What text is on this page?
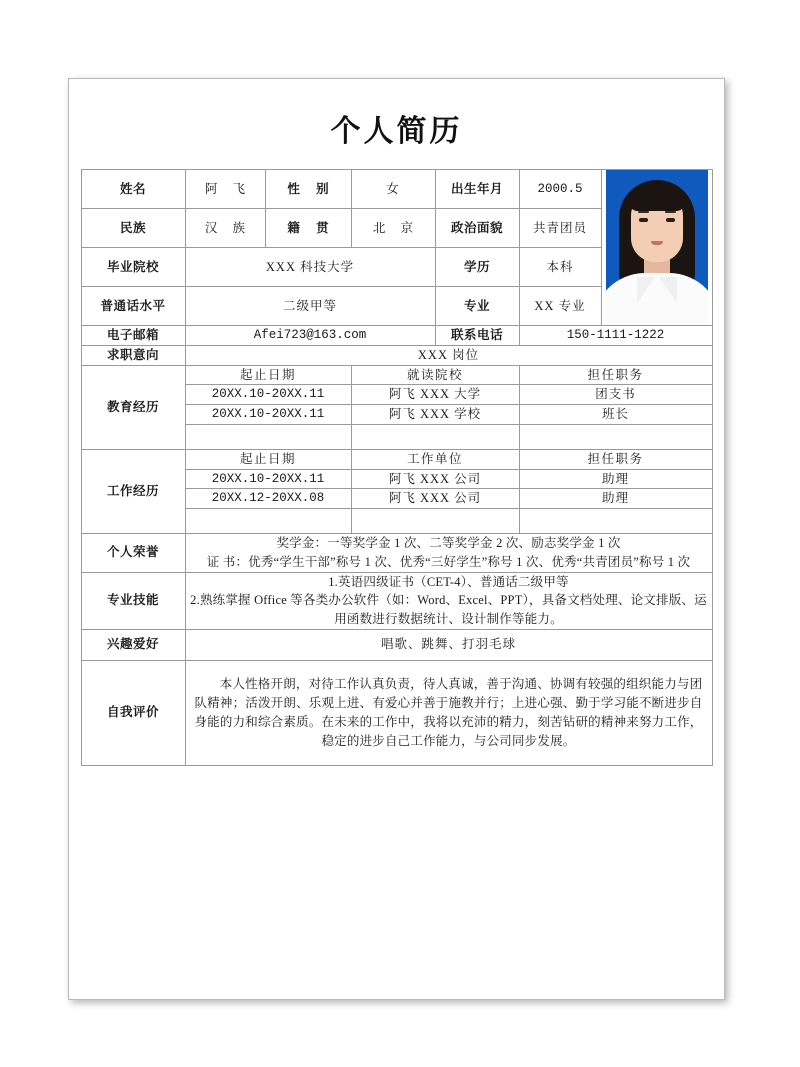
个人简历
姓名	阿 飞	性 别	女	出生年月	2000.5	

民族	汉 族	籍 贯	北 京	政治面貌	共青团员	
毕业院校	XXX 科技大学			学历	本科	
普通话水平	二级甲等			专业	XX 专业	
电子邮箱	Afei723@163.com			联系电话	150-1111-1222	
求职意向	XXX 岗位					
教育经历	起止日期		就读院校		担任职务	
	20XX.10-20XX.11		阿飞 XXX 大学		团支书	
	20XX.10-20XX.11		阿飞 XXX 学校		班长	

工作经历	起止日期		工作单位		担任职务	
	20XX.10-20XX.11		阿飞 XXX 公司		助理	
	20XX.12-20XX.08		阿飞 XXX 公司		助理	

个人荣誉	奖学金：一等奖学金 1 次、二等奖学金 2 次、励志奖学金 1 次

证 书：优秀“学生干部”称号 1 次、优秀“三好学生”称号 1 次、优秀“共青团员”称号 1 次					

专业技能	1.英语四级证书（CET-4）、普通话二级甲等

2.熟练掌握 Office 等各类办公软件（如：Word、Excel、PPT），具备文档处理、论文排版、运用函数进行数据统计、设计制作等能力。					

兴趣爱好	唱歌、跳舞、打羽毛球					
自我评价	本人性格开朗，对待工作认真负责，待人真诚，善于沟通、协调有较强的组织能力与团队精神；活泼开朗、乐观上进、有爱心并善于施教并行；上进心强、勤于学习能不断进步自身能的力和综合素质。在未来的工作中，我将以充沛的精力，刻苦钻研的精神来努力工作，稳定的进步自己工作能力，与公司同步发展。					
